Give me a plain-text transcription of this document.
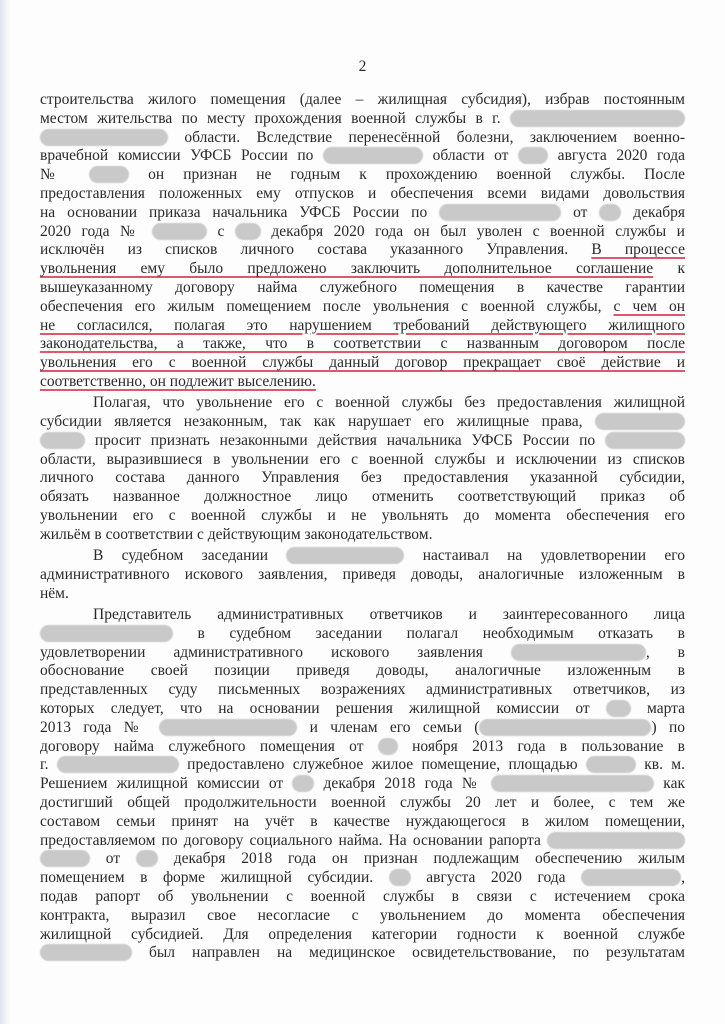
2
строительства жилого помещения (далее – жилищная субсидия), избрав постоянным
местом жительства по месту прохождения военной службы в г.
области. Вследствие перенесённой болезни, заключением военно-
врачебной комиссии УФСБ России по	области от  августа 2020 года
№	он признан не годным к прохождению военной службы. После
предоставления положенных ему отпусков и обеспечения всеми видами довольствия
на основании приказа начальника УФСБ России по	от  декабря
2020 года №	с  декабря 2020 года он был уволен с военной службы и
исключён из списков личного состава указанного Управления. В процессе
увольнения ему было предложено заключить дополнительное соглашение к
вышеуказанному договору найма служебного помещения в качестве гарантии
обеспечения его жилым помещением после увольнения с военной службы, с чем он
не согласился, полагая это нарушением требований действующего жилищного
законодательства, а также, что в соответствии с названным договором после
увольнения его с военной службы данный договор прекращает своё действие и
соответственно, он подлежит выселению.
Полагая, что увольнение его с военной службы без предоставления жилищной
субсидии является незаконным, так как нарушает его жилищные права,
просит признать незаконными действия начальника УФСБ России по
области, выразившиеся в увольнении его с военной службы и исключении из списков
личного состава данного Управления без предоставления указанной субсидии,
обязать названное должностное лицо отменить соответствующий приказ об
увольнении его с военной службы и не увольнять до момента обеспечения его
жильём в соответствии с действующим законодательством.
В судебном заседании	настаивал на удовлетворении его
административного искового заявления, приведя доводы, аналогичные изложенным в
нём.
Представитель административных ответчиков и заинтересованного лица
в судебном заседании полагал необходимым отказать в
удовлетворении административного искового заявления	, в
обоснование своей позиции приведя доводы, аналогичные изложенным в
представленных суду письменных возражениях административных ответчиков, из
которых следует, что на основании решения жилищной комиссии от  марта
2013 года №	и членам его семьи (	) по
договору найма служебного помещения от  ноября 2013 года в пользование в
г.	предоставлено служебное жилое помещение, площадью	кв. м.
Решением жилищной комиссии от  декабря 2018 года №	как
достигший общей продолжительности военной службы 20 лет и более, с тем же
составом семьи принят на учёт в качестве нуждающегося в жилом помещении,
предоставляемом по договору социального найма. На основании рапорта
от  декабря 2018 года он признан подлежащим обеспечению жилым
помещением в форме жилищной субсидии.  августа 2020 года	,
подав рапорт об увольнении с военной службы в связи с истечением срока
контракта, выразил свое несогласие с увольнением до момента обеспечения
жилищной субсидией. Для определения категории годности к военной службе
был направлен на медицинское освидетельствование, по результатам
